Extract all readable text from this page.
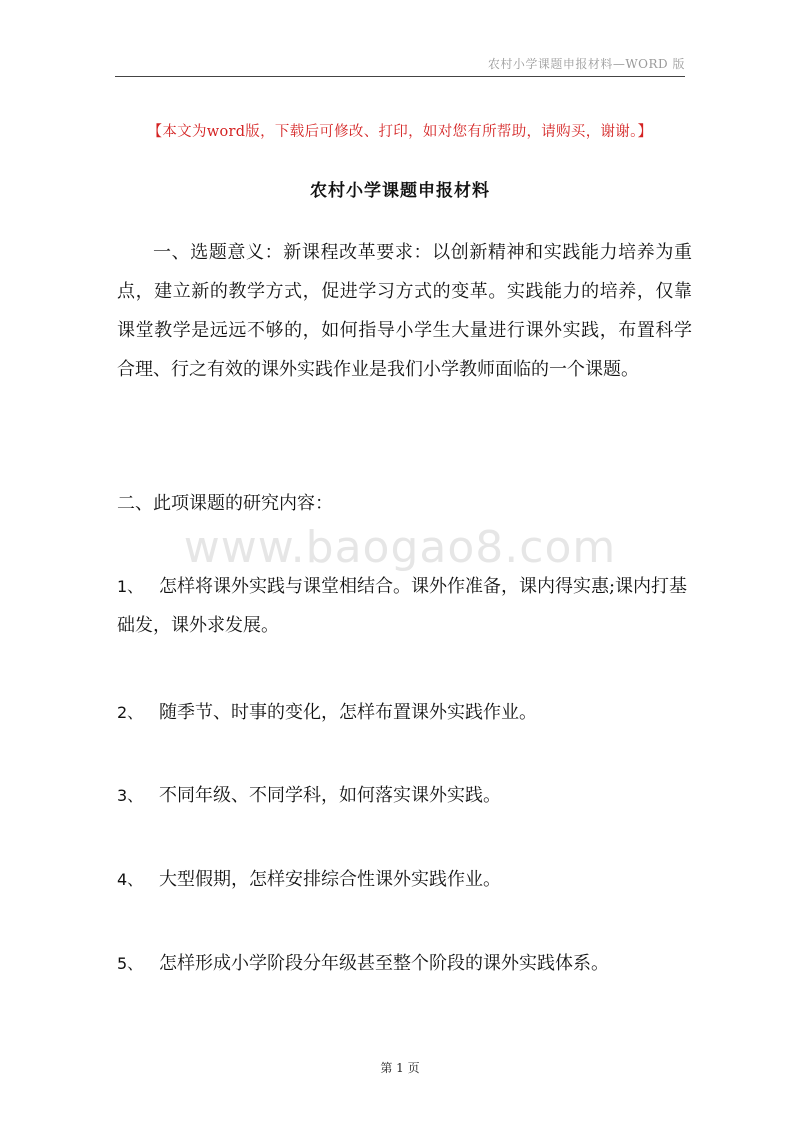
农村小学课题申报材料—WORD 版
【本文为word版，下载后可修改、打印，如对您有所帮助，请购买，谢谢。】
农村小学课题申报材料

一、选题意义：新课程改革要求：以创新精神和实践能力培养为重点，建立新的教学方式，促进学习方式的变革。实践能力的培养，仅靠课堂教学是远远不够的，如何指导小学生大量进行课外实践，布置科学合理、行之有效的课外实践作业是我们小学教师面临的一个课题。

二、此项课题的研究内容：

www.baogao8.com

1、 怎样将课外实践与课堂相结合。课外作准备，课内得实惠;课内打基础发，课外求发展。

2、 随季节、时事的变化，怎样布置课外实践作业。

3、 不同年级、不同学科，如何落实课外实践。

4、 大型假期，怎样安排综合性课外实践作业。

5、 怎样形成小学阶段分年级甚至整个阶段的课外实践体系。

第 1 页
